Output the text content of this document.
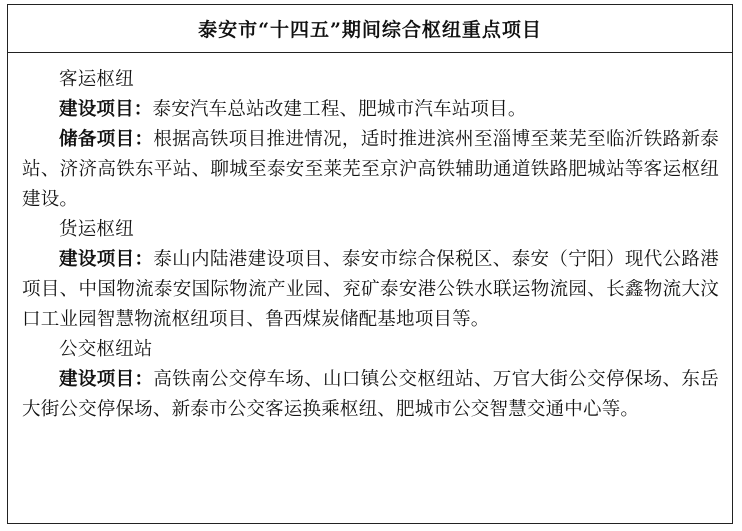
泰安市“十四五”期间综合枢纽重点项目
客运枢纽
建设项目：泰安汽车总站改建工程、肥城市汽车站项目。
储备项目：根据高铁项目推进情况，适时推进滨州至淄博至莱芜至临沂铁路新泰站、济济高铁东平站、聊城至泰安至莱芜至京沪高铁辅助通道铁路肥城站等客运枢纽建设。
货运枢纽
建设项目：泰山内陆港建设项目、泰安市综合保税区、泰安（宁阳）现代公路港项目、中国物流泰安国际物流产业园、兖矿泰安港公铁水联运物流园、长鑫物流大汶口工业园智慧物流枢纽项目、鲁西煤炭储配基地项目等。
公交枢纽站
建设项目：高铁南公交停车场、山口镇公交枢纽站、万官大街公交停保场、东岳大街公交停保场、新泰市公交客运换乘枢纽、肥城市公交智慧交通中心等。
